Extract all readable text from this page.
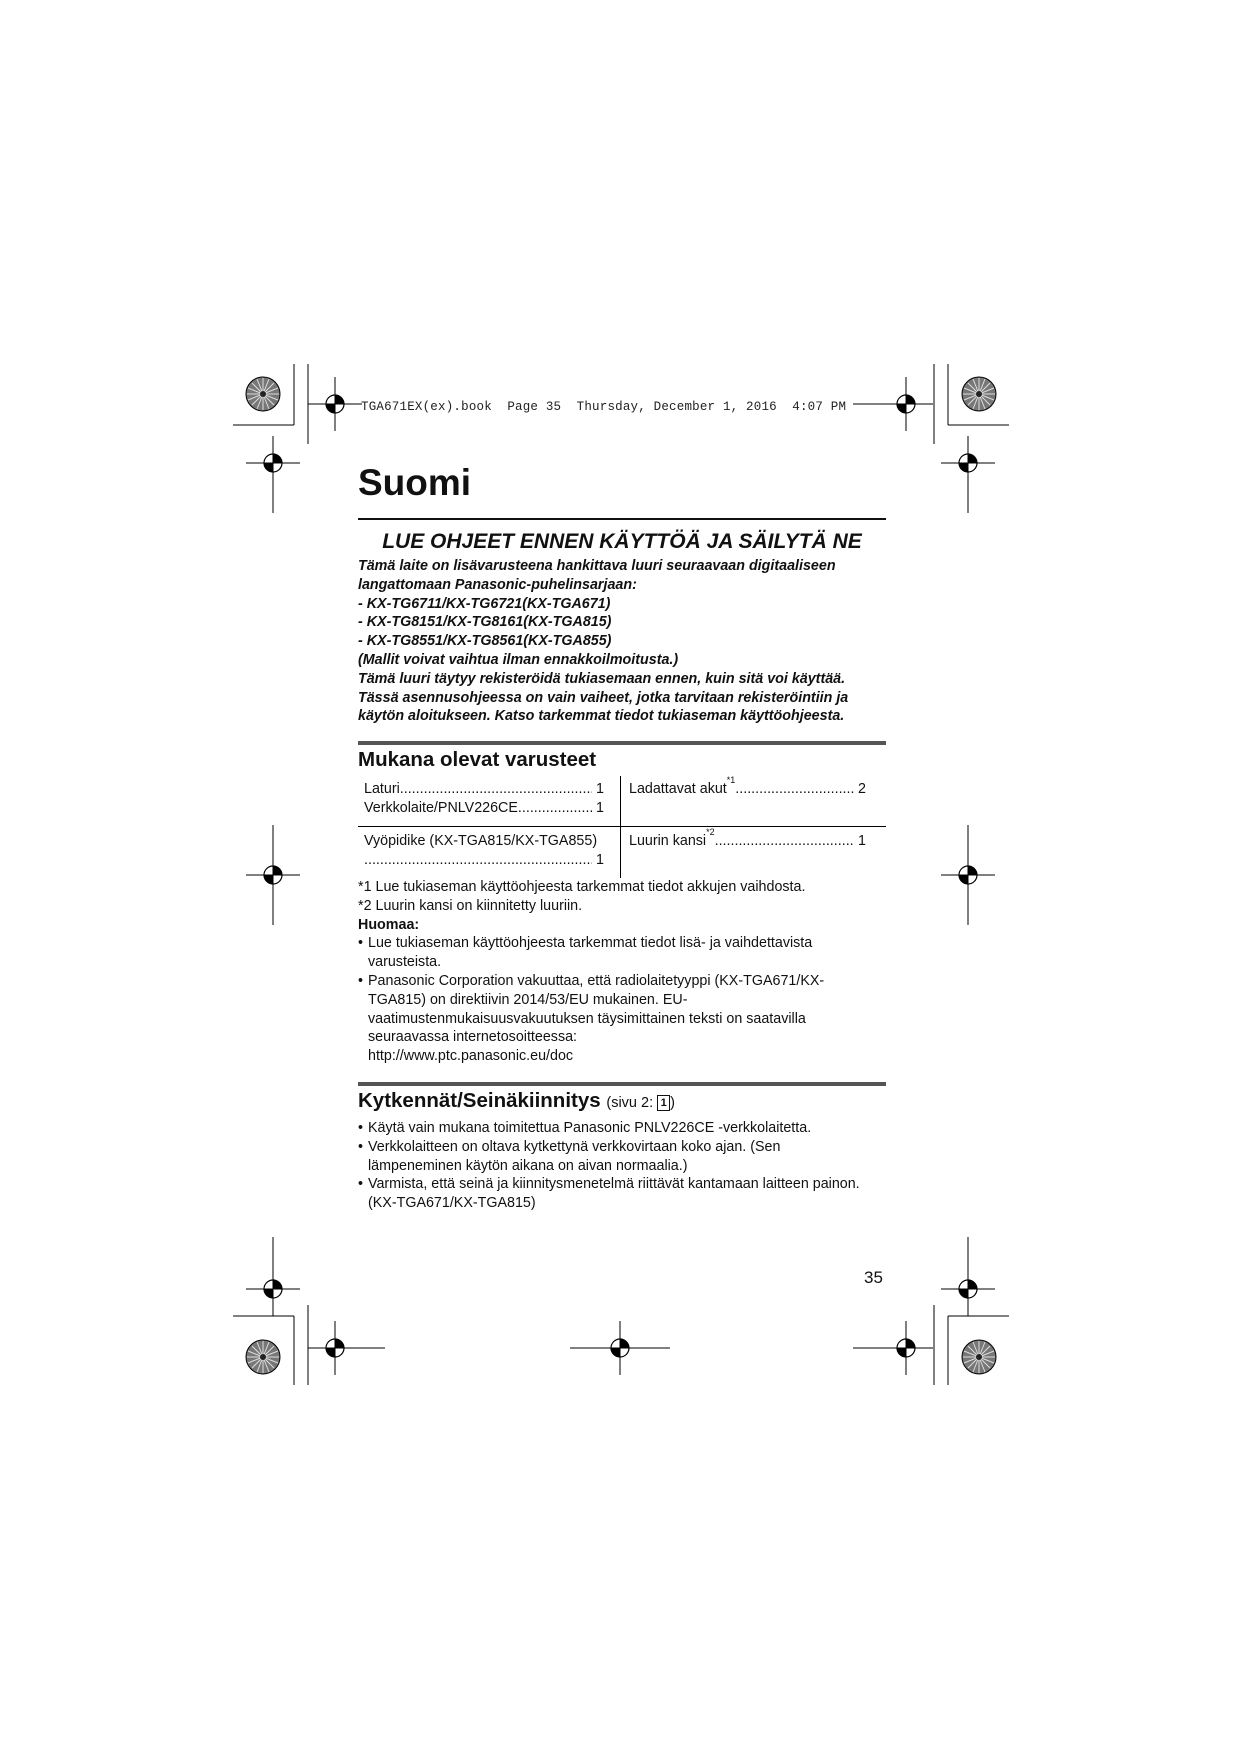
TGA671EX(ex).book  Page 35  Thursday, December 1, 2016  4:07 PM
Suomi
LUE OHJEET ENNEN KÄYTTÖÄ JA SÄILYTÄ NE
Tämä laite on lisävarusteena hankittava luuri seuraavaan digitaaliseen
langattomaan Panasonic-puhelinsarjaan:
- KX-TG6711/KX-TG6721(KX-TGA671)
- KX-TG8151/KX-TG8161(KX-TGA815)
- KX-TG8551/KX-TG8561(KX-TGA855)
(Mallit voivat vaihtua ilman ennakkoilmoitusta.)
Tämä luuri täytyy rekisteröidä tukiasemaan ennen, kuin sitä voi käyttää.
Tässä asennusohjeessa on vain vaiheet, jotka tarvitaan rekisteröintiin ja
käytön aloitukseen. Katso tarkemmat tiedot tukiaseman käyttöohjeesta.
Mukana olevat varusteet
Laturi .....
	1
Verkkolaite/PNLV226CE .....
	1
Ladattavat akut
*1
.....

2
Vyöpidike (KX-TGA815/KX-TGA855)
.....

1
Luurin kansi
*2
.....

1
*1 Lue tukiaseman käyttöohjeesta tarkemmat tiedot akkujen vaihdosta.
*2 Luurin kansi on kiinnitetty luuriin.
Huomaa:
• Lue tukiaseman käyttöohjeesta tarkemmat tiedot lisä- ja vaihdettavista
varusteista.
• Panasonic Corporation vakuuttaa, että radiolaitetyyppi (KX-TGA671/KX-
TGA815) on direktiivin 2014/53/EU mukainen. EU-
vaatimustenmukaisuusvakuutuksen täysimittainen teksti on saatavilla
seuraavassa internetosoitteessa:
http://www.ptc.panasonic.eu/doc
Kytkennät/Seinäkiinnitys (sivu 2: 1 )
• Käytä vain mukana toimitettua Panasonic PNLV226CE -verkkolaitetta.
• Verkkolaitteen on oltava kytkettynä verkkovirtaan koko ajan. (Sen
lämpeneminen käytön aikana on aivan normaalia.)
• Varmista, että seinä ja kiinnitysmenetelmä riittävät kantamaan laitteen painon.
(KX-TGA671/KX-TGA815)
35
